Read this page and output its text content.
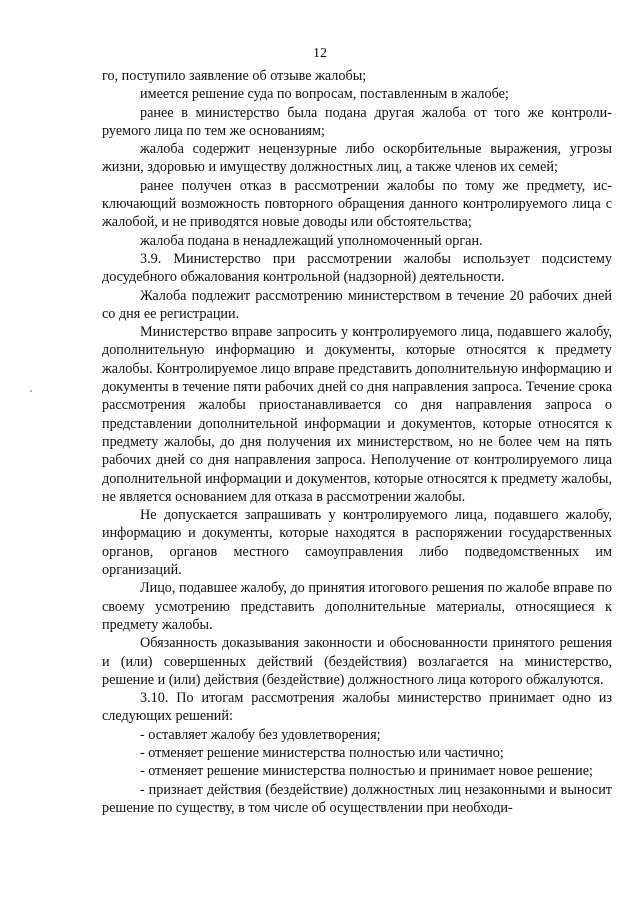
12

го, поступило заявление об отзыве жалобы;

имеется решение суда по вопросам, поставленным в жалобе;

ранее в министерство была подана другая жалоба от того же контролируемого лица по тем же основаниям;

жалоба содержит нецензурные либо оскорбительные выражения, угрозы жизни, здоровью и имуществу должностных лиц, а также членов их семей;

ранее получен отказ в рассмотрении жалобы по тому же предмету, исключающий возможность повторного обращения данного контролируемого лица с жалобой, и не приводятся новые доводы или обстоятельства;

жалоба подана в ненадлежащий уполномоченный орган.

3.9. Министерство при рассмотрении жалобы использует подсистему досудебного обжалования контрольной (надзорной) деятельности.

Жалоба подлежит рассмотрению министерством в течение 20 рабочих дней со дня ее регистрации.

Министерство вправе запросить у контролируемого лица, подавшего жалобу, дополнительную информацию и документы, которые относятся к предмету жалобы. Контролируемое лицо вправе представить дополнительную информацию и документы в течение пяти рабочих дней со дня направления запроса. Течение срока рассмотрения жалобы приостанавливается со дня направления запроса о представлении дополнительной информации и документов, которые относятся к предмету жалобы, до дня получения их министерством, но не более чем на пять рабочих дней со дня направления запроса. Неполучение от контролируемого лица дополнительной информации и документов, которые относятся к предмету жалобы, не является основанием для отказа в рассмотрении жалобы.

Не допускается запрашивать у контролируемого лица, подавшего жалобу, информацию и документы, которые находятся в распоряжении государственных органов, органов местного самоуправления либо подведомственных им организаций.

Лицо, подавшее жалобу, до принятия итогового решения по жалобе вправе по своему усмотрению представить дополнительные материалы, относящиеся к предмету жалобы.

Обязанность доказывания законности и обоснованности принятого решения и (или) совершенных действий (бездействия) возлагается на министерство, решение и (или) действия (бездействие) должностного лица которого обжалуются.

3.10. По итогам рассмотрения жалобы министерство принимает одно из следующих решений:

- оставляет жалобу без удовлетворения;

- отменяет решение министерства полностью или частично;

- отменяет решение министерства полностью и принимает новое решение;

- признает действия (бездействие) должностных лиц незаконными и выносит решение по существу, в том числе об осуществлении при необходи-
